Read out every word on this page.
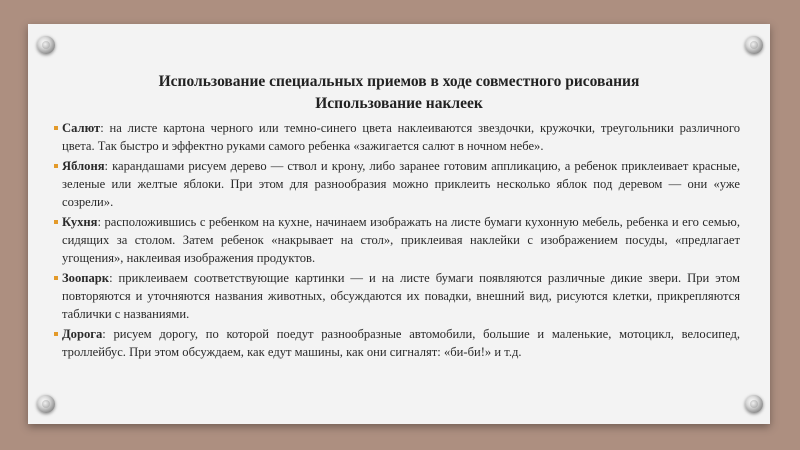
Использование специальных приемов в ходе совместного рисования
Использование наклеек
Салют: на листе картона черного или темно-синего цвета наклеиваются звездочки, кружочки, треугольники различного цвета. Так быстро и эффектно руками самого ребенка «зажигается салют в ночном небе».
Яблоня: карандашами рисуем дерево — ствол и крону, либо заранее готовим аппликацию, а ребенок приклеивает красные, зеленые или желтые яблоки. При этом для разнообразия можно приклеить несколько яблок под деревом — они «уже созрели».
Кухня: расположившись с ребенком на кухне, начинаем изображать на листе бумаги кухонную мебель, ребенка и его семью, сидящих за столом. Затем ребенок «накрывает на стол», приклеивая наклейки с изображением посуды, «предлагает угощения», наклеивая изображения продуктов.
Зоопарк: приклеиваем соответствующие картинки — и на листе бумаги появляются различные дикие звери. При этом повторяются и уточняются названия животных, обсуждаются их повадки, внешний вид, рисуются клетки, прикрепляются таблички с названиями.
Дорога: рисуем дорогу, по которой поедут разнообразные автомобили, большие и маленькие, мотоцикл, велосипед, троллейбус. При этом обсуждаем, как едут машины, как они сигналят: «би-би!» и т.д.
